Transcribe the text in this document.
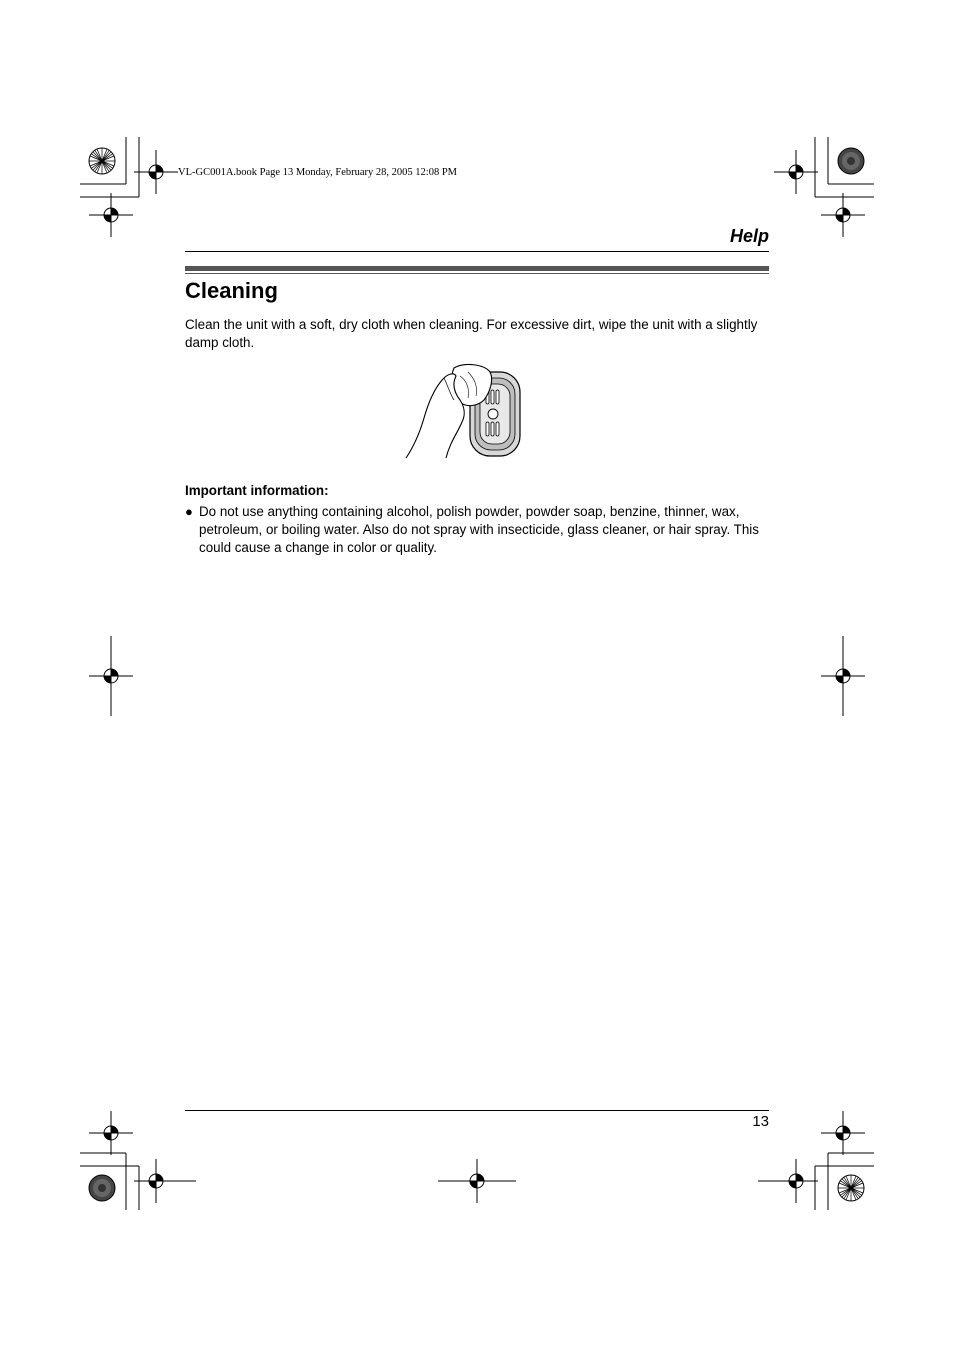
VL-GC001A.book Page 13 Monday, February 28, 2005 12:08 PM
Help
Cleaning

Clean the unit with a soft, dry cloth when cleaning. For excessive dirt, wipe the unit with a slightly damp cloth.

Important information:

● Do not use anything containing alcohol, polish powder, powder soap, benzine, thinner, wax, petroleum, or boiling water. Also do not spray with insecticide, glass cleaner, or hair spray. This could cause a change in color or quality.

13
